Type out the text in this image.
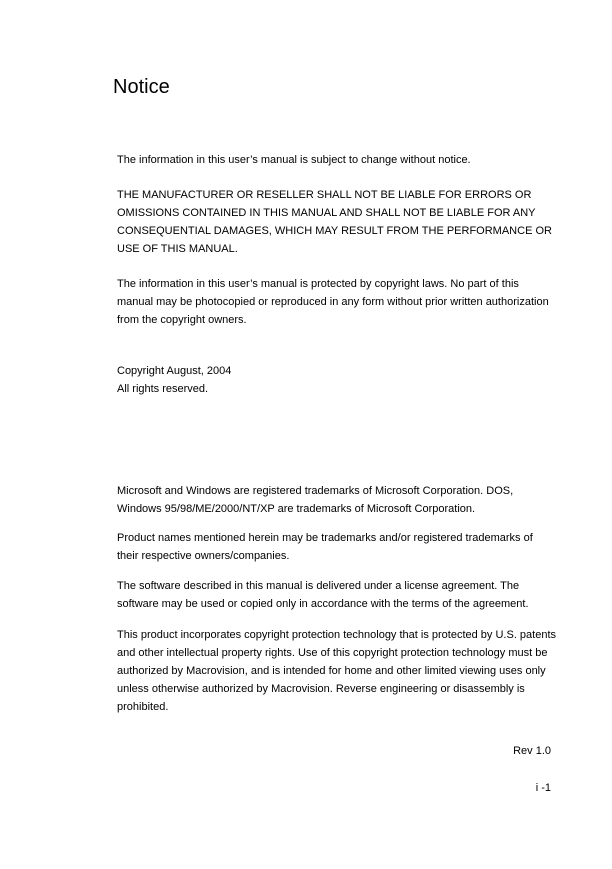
Notice

The information in this user’s manual is subject to change without notice.

THE MANUFACTURER OR RESELLER SHALL NOT BE LIABLE FOR ERRORS OR OMISSIONS CONTAINED IN THIS MANUAL AND SHALL NOT BE LIABLE FOR ANY CONSEQUENTIAL DAMAGES, WHICH MAY RESULT FROM THE PERFORMANCE OR USE OF THIS MANUAL.

The information in this user’s manual is protected by copyright laws. No part of this manual may be photocopied or reproduced in any form without prior written authorization from the copyright owners.

Copyright August, 2004

All rights reserved.

Microsoft and Windows are registered trademarks of Microsoft Corporation. DOS, Windows 95/98/ME/2000/NT/XP are trademarks of Microsoft Corporation.

Product names mentioned herein may be trademarks and/or registered trademarks of their respective owners/companies.

The software described in this manual is delivered under a license agreement. The software may be used or copied only in accordance with the terms of the agreement.

This product incorporates copyright protection technology that is protected by U.S. patents and other intellectual property rights. Use of this copyright protection technology must be authorized by Macrovision, and is intended for home and other limited viewing uses only unless otherwise authorized by Macrovision. Reverse engineering or disassembly is prohibited.

Rev 1.0

i -1
